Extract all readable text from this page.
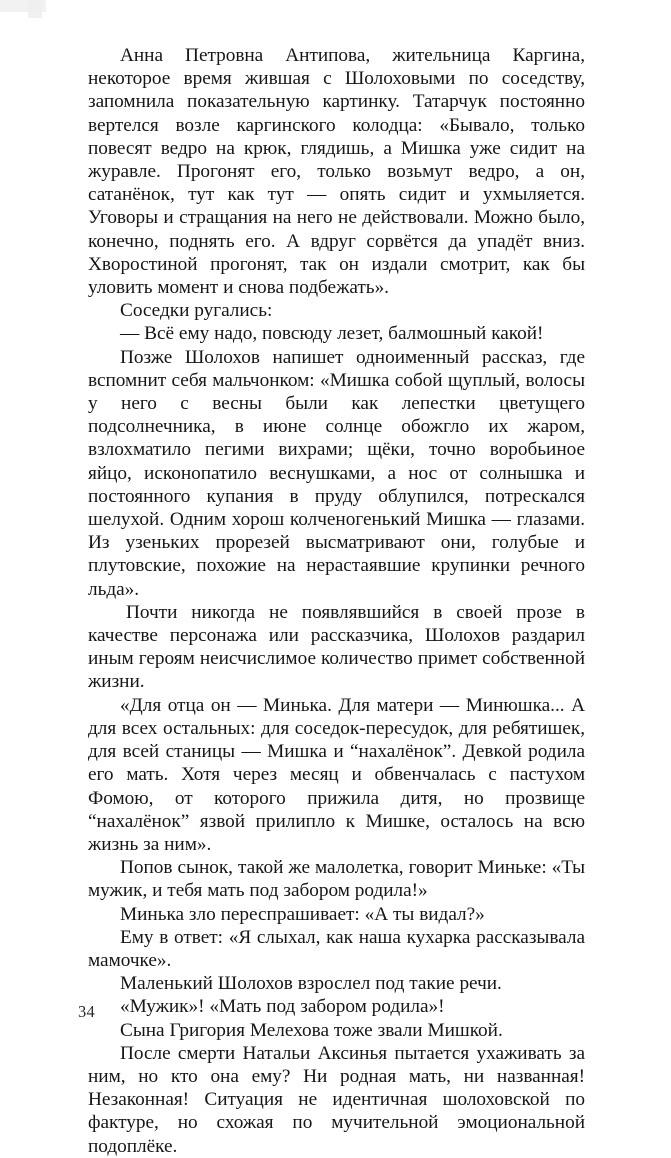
Анна Петровна Антипова, жительница Каргина, некоторое время жившая с Шолоховыми по соседству, запомнила показательную картинку. Татарчук постоянно вертелся возле каргинского колодца: «Бывало, только повесят ведро на крюк, глядишь, а Мишка уже сидит на журавле. Прогонят его, только возьмут ведро, а он, сатанёнок, тут как тут — опять сидит и ухмыляется. Уговоры и стращания на него не действовали. Можно было, конечно, поднять его. А вдруг сорвётся да упадёт вниз. Хворостиной прогонят, так он издали смотрит, как бы уловить момент и снова подбежать».

Соседки ругались:

— Всё ему надо, повсюду лезет, балмошный какой!

Позже Шолохов напишет одноименный рассказ, где вспомнит себя мальчонком: «Мишка собой щуплый, волосы у него с весны были как лепестки цветущего подсолнечника, в июне солнце обожгло их жаром, взлохматило пегими вихрами; щёки, точно воробьиное яйцо, исконопатило веснушками, а нос от солнышка и постоянного купания в пруду облупился, потрескался шелухой. Одним хорош колченогенький Мишка — глазами. Из узеньких прорезей высматривают они, голубые и плутовские, похожие на нерастаявшие крупинки речного льда».

Почти никогда не появлявшийся в своей прозе в качестве персонажа или рассказчика, Шолохов раздарил иным героям неисчислимое количество примет собственной жизни.

«Для отца он — Минька. Для матери — Минюшка... А для всех остальных: для соседок-пересудок, для ребятишек, для всей станицы — Мишка и “нахалёнок”. Девкой родила его мать. Хотя через месяц и обвенчалась с пастухом Фомою, от которого прижила дитя, но прозвище “нахалёнок” язвой прилипло к Мишке, осталось на всю жизнь за ним».

Попов сынок, такой же малолетка, говорит Миньке: «Ты мужик, и тебя мать под забором родила!»

Минька зло переспрашивает: «А ты видал?»

Ему в ответ: «Я слыхал, как наша кухарка рассказывала мамочке».

Маленький Шолохов взрослел под такие речи.

«Мужик»! «Мать под забором родила»!

Сына Григория Мелехова тоже звали Мишкой.

После смерти Натальи Аксинья пытается ухаживать за ним, но кто она ему? Ни родная мать, ни названная! Незаконная! Ситуация не идентичная шолоховской по фактуре, но схожая по мучительной эмоциональной подоплёке.

34
